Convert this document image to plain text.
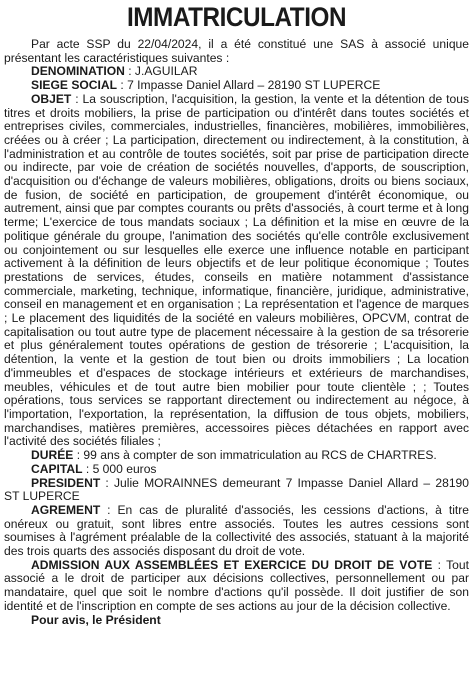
IMMATRICULATION

Par acte SSP du 22/04/2024, il a été constitué une SAS à associé unique présentant les caractéristiques suivantes :

DENOMINATION : J.AGUILAR

SIEGE SOCIAL : 7 Impasse Daniel Allard – 28190 ST LUPERCE

OBJET : La souscription, l'acquisition, la gestion, la vente et la détention de tous titres et droits mobiliers, la prise de participation ou d'intérêt dans toutes sociétés et entreprises civiles, commerciales, industrielles, financières, mobilières, immobilières, créées ou à créer ; La participation, directement ou indirectement, à la constitution, à l'administration et au contrôle de toutes sociétés, soit par prise de participation directe ou indirecte, par voie de création de sociétés nouvelles, d'apports, de souscription, d'acquisition ou d'échange de valeurs mobilières, obligations, droits ou biens sociaux, de fusion, de société en participation, de groupement d'intérêt économique, ou autrement, ainsi que par comptes courants ou prêts d'associés, à court terme et à long terme; L'exercice de tous mandats sociaux ; La définition et la mise en œuvre de la politique générale du groupe, l'animation des sociétés qu'elle contrôle exclusivement ou conjointement ou sur lesquelles elle exerce une influence notable en participant activement à la définition de leurs objectifs et de leur politique économique ; Toutes prestations de services, études, conseils en matière notamment d'assistance commerciale, marketing, technique, informatique, financière, juridique, administrative, conseil en management et en organisation ; La représentation et l'agence de marques ; Le placement des liquidités de la société en valeurs mobilières, OPCVM, contrat de capitalisation ou tout autre type de placement nécessaire à la gestion de sa trésorerie et plus généralement toutes opérations de gestion de trésorerie ; L'acquisition, la détention, la vente et la gestion de tout bien ou droits immobiliers ; La location d'immeubles et d'espaces de stockage intérieurs et extérieurs de marchandises, meubles, véhicules et de tout autre bien mobilier pour toute clientèle ; ; Toutes opérations, tous services se rapportant directement ou indirectement au négoce, à l'importation, l'exportation, la représentation, la diffusion de tous objets, mobiliers, marchandises, matières premières, accessoires pièces détachées en rapport avec l'activité des sociétés filiales ;

DURÉE : 99 ans à compter de son immatriculation au RCS de CHARTRES.

CAPITAL : 5 000 euros

PRESIDENT : Julie MORAINNES demeurant 7 Impasse Daniel Allard – 28190 ST LUPERCE

AGREMENT : En cas de pluralité d'associés, les cessions d'actions, à titre onéreux ou gratuit, sont libres entre associés. Toutes les autres cessions sont soumises à l'agrément préalable de la collectivité des associés, statuant à la majorité des trois quarts des associés disposant du droit de vote.

ADMISSION AUX ASSEMBLÉES ET EXERCICE DU DROIT DE VOTE : Tout associé a le droit de participer aux décisions collectives, personnellement ou par mandataire, quel que soit le nombre d'actions qu'il possède. Il doit justifier de son identité et de l'inscription en compte de ses actions au jour de la décision collective.

Pour avis, le Président
